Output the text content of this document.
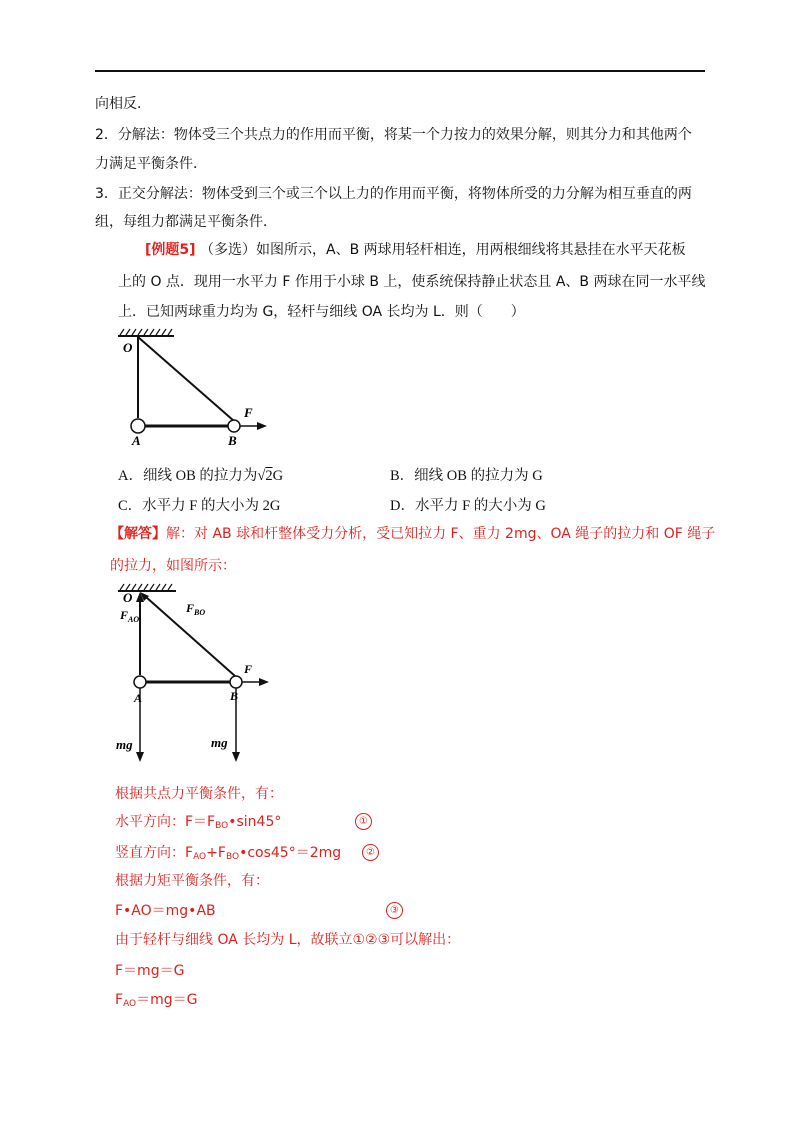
向相反．
2．分解法：物体受三个共点力的作用而平衡，将某一个力按力的效果分解，则其分力和其他两个
力满足平衡条件．
3．正交分解法：物体受到三个或三个以上力的作用而平衡，将物体所受的力分解为相互垂直的两
组，每组力都满足平衡条件．
[例题5] （多选）如图所示，A、B 两球用轻杆相连，用两根细线将其悬挂在水平天花板
上的 O 点．现用一水平力 F 作用于小球 B 上，使系统保持静止状态且 A、B 两球在同一水平线
上．已知两球重力均为 G，轻杆与细线 OA 长均为 L．则（　　）
O
A	B
F
A．细线 OB 的拉力为√2G	B．细线 OB 的拉力为 G
C．水平力 F 的大小为 2G	D．水平力 F 的大小为 G
【解答】解：对 AB 球和杆整体受力分析，受已知拉力 F、重力 2mg、OA 绳子的拉力和 OF 绳子
的拉力，如图所示：
O
$F_{AO}$
$F_{BO}$
A	B
F
mg	mg
根据共点力平衡条件，有：
水平方向：$F=F_{BO}•\sin 45^\circ$	①
竖直方向：$F_{AO}+F_{BO}•\cos 45^\circ=2mg$	②
根据力矩平衡条件，有：
F•AO＝mg•AB	③
由于轻杆与细线 OA 长均为 L，故联立①②③可以解出：
F＝mg＝G
$F_{AO}=mg=G$
